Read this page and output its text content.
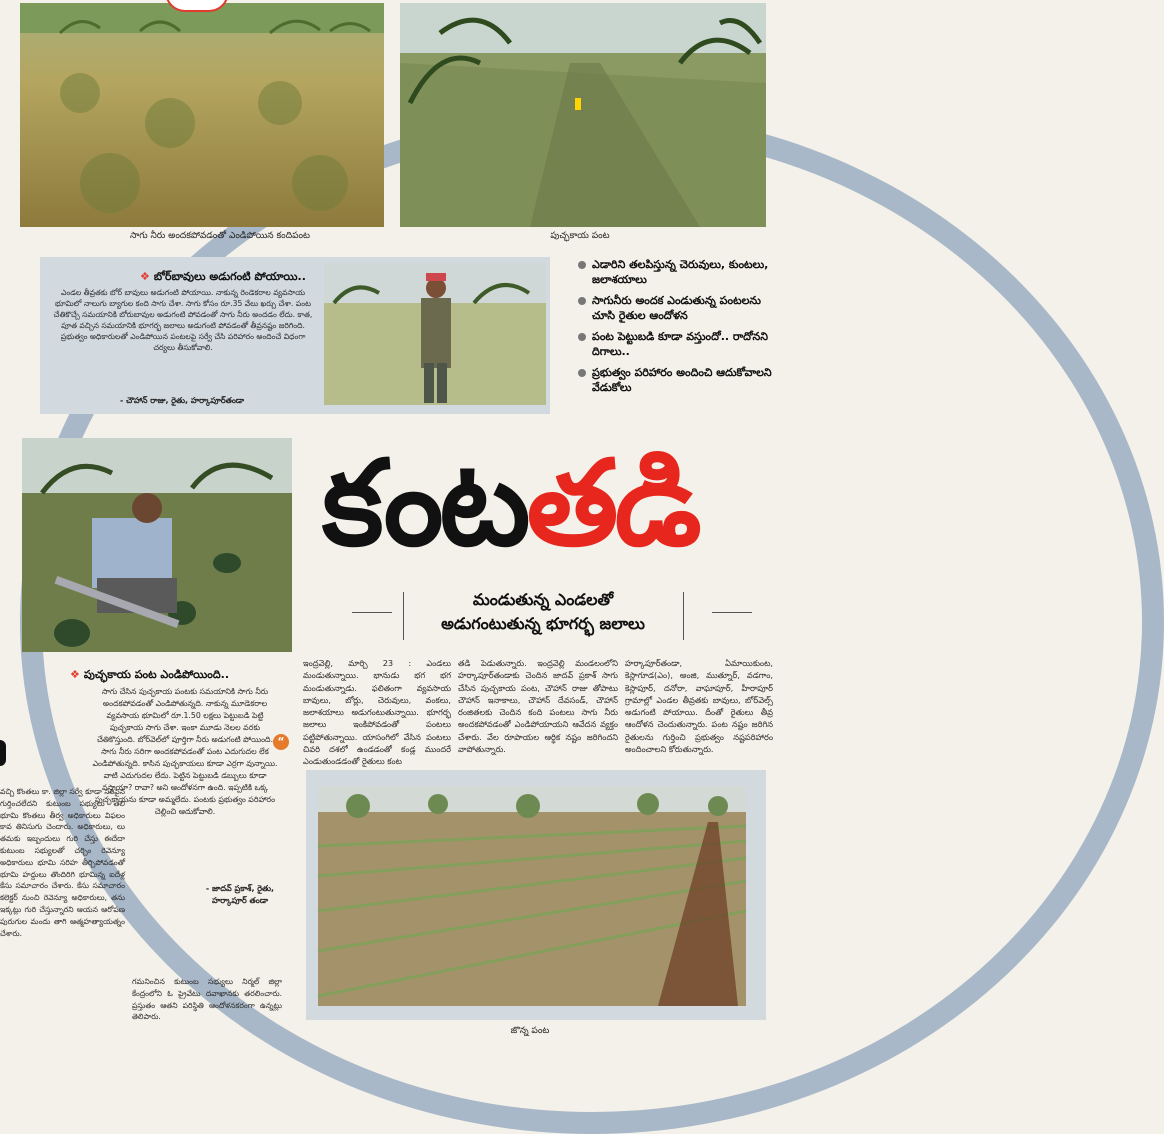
సాగు నీరు అందకపోవడంతో ఎండిపోయిన కందిపంట	పుచ్ఛకాయ పంట
❖ బోర్‌బావులు అడుగంటి పోయాయి..
ఎండల తీవ్రతకు బోర్ బావులు అడుగంటి పోయాయి. నాకున్న రెండెకరాల వ్యవసాయ భూమిలో నాలుగు బ్యాగుల కంది సాగు చేశా. సాగు కోసం రూ.35 వేలు ఖర్చు చేశా. పంట చేతికొచ్చే సమయానికి బోరుబావుల అడుగంటి పోవడంతో సాగు నీరు అందడం లేదు. కాత, పూత వచ్చిన సమయానికి భూగర్భ జలాలు అడుగంటి పోవడంతో తీవ్రనష్టం జరిగింది. ప్రభుత్వం అధికారులతో ఎండిపోయిన పంటలపై సర్వే చేసి పరిహారం అందించే విధంగా చర్యలు తీసుకోవాలి.
- చౌహాన్ రాజు, రైతు, హర్కాపూర్‌తండా
ఎడారిని తలపిస్తున్న చెరువులు, కుంటలు, జలాశయాలు
సాగునీరు అందక ఎండుతున్న పంటలను చూసి రైతుల ఆందోళన
పంట పెట్టుబడి కూడా వస్తుందో.. రాదోనని దిగాలు..
ప్రభుత్వం పరిహారం అందించి ఆదుకోవాలని వేడుకోలు
కంటతడి
మండుతున్న ఎండలతో
అడుగంటుతున్న భూగర్భ జలాలు
❖ పుచ్ఛకాయ పంట ఎండిపోయింది..
సాగు చేసిన పుచ్ఛకాయ పంటకు సమయానికి సాగు నీరు అందకపోవడంతో ఎండిపోతున్నది. నాకున్న మూడెకరాల వ్యవసాయ భూమిలో రూ.1.50 లక్షలు పెట్టుబడి పెట్టి పుచ్ఛకాయ సాగు చేశా. ఇంకా మూడు నెలల వరకు చేతికొస్తుంది. బోర్‌వెల్‌లో పూర్తిగా నీరు అడుగంటి పోయింది. సాగు నీరు సరిగా అందకపోవడంతో పంట ఎదుగుదల లేక ఎండిపోతున్నది. కాసిన పుచ్ఛకాయలు కూడా ఎర్రగా వున్నాయి. వాటి ఎదుగుదల లేదు. పెట్టిన పెట్టుబడి డబ్బులు కూడా వస్తాయా? రావా? అని ఆందోళనగా ఉంది. ఇప్పటికి ఒక్క పుచ్ఛకాయను కూడా అమ్మలేదు. పంటకు ప్రభుత్వం పరిహారం చెల్లించి ఆదుకోవాలి.
- జాదవ్ ప్రకాశ్, రైతు, హర్కాపూర్ తండా
“
ఇంద్రవెల్లి, మార్చి 23 : ఎండలు మండుతున్నాయి. భానుడు భగ భగ మండుతున్నాడు. ఫలితంగా వ్యవసాయ బావులు, బోర్లు, చెరువులు, వంకలు, జలాశయాలు అడుగంటుతున్నాయి. భూగర్భ జలాలు ఇంకిపోవడంతో పంటలు పట్టిపోతున్నాయి. యాసంగిలో వేసిన పంటలు చివరి దశలో ఉండడంతో కండ్ల ముందరే ఎండుతుండడంతో రైతులు కంట
తడి పెడుతున్నారు. ఇంద్రవెల్లి మండలంలోని హర్కాపూర్‌తండాకు చెందిన జాదవ్ ప్రకాశ్ సాగు చేసిన పుచ్ఛకాయ పంట, చౌహాన్ రాజు తోపాటు చౌహాన్ ఇనాకాలు, చౌహాన్ దేవసండ్, చౌహాన్ రంజితలకు చెందిన కంది పంటలు సాగు నీరు అందకపోవడంతో ఎండిపోయాయని ఆవేదన వ్యక్తం చేశారు. వేల రూపాయల ఆర్థిక నష్టం జరిగిందని వాపోతున్నారు.
హర్కాపూర్‌తండా, ఏమాయికుంట, కెస్లాగూడ(ఎం), అంజి, ముత్నూర్, వడగాం, కెస్లాపూర్, దనోరా, వాఘాపూర్, హీరాపూర్ గ్రామాల్లో ఎండల తీవ్రతకు బావులు, బోర్‌వెల్స్ అడుగంటి పోయాయి. దీంతో రైతులు తీవ్ర ఆందోళన చెందుతున్నారు. పంట నష్టం జరిగిన రైతులను గుర్తించి ప్రభుత్వం నష్టపరిహారం అందించాలని కోరుతున్నారు.
జొన్న పంట
వచ్చి కొంతలు కా. జిల్లా సర్వే కూడా సరిపైన గుర్తించలేదని కుటుంబ సభ్యులు తెలి భూమి కొంతలు తీర్వ అధికారులు విఫలం కావ తినిసుగు చెందారు. అధికారులు, లు తమకు ఇబ్బందులు గురి చేస్తు ఈదేదా కుటుంబ సభ్యులతో చర్చిం రెవెన్యూ అధికారులు భూమి సరిహ తీర్చిపోవడంతో భూమి హద్దులు తొందిరిగి భూమిన్న ఐదేళ్ల కేసు సమాచారం చేశారు. కేసు సమాచారం కలెక్టర్ నుంచి రెవెన్యూ అధికారులు, తను ఇక్కట్లు గురి చేస్తున్నారని ఆయన ఆరోపణ పురుగుల మందు తాగి ఆత్మహత్యాయత్నం చేశారు.
గమనించిన కుటుంబ సభ్యులు నిర్మల్ జిల్లా కేంద్రంలోని ఓ ప్రైవేటు దవాఖానకు తరలించారు. ప్రస్తుతం ఆతని పరిస్థితి ఆందోళనకరంగా ఉన్నట్లు తెలిపారు.
